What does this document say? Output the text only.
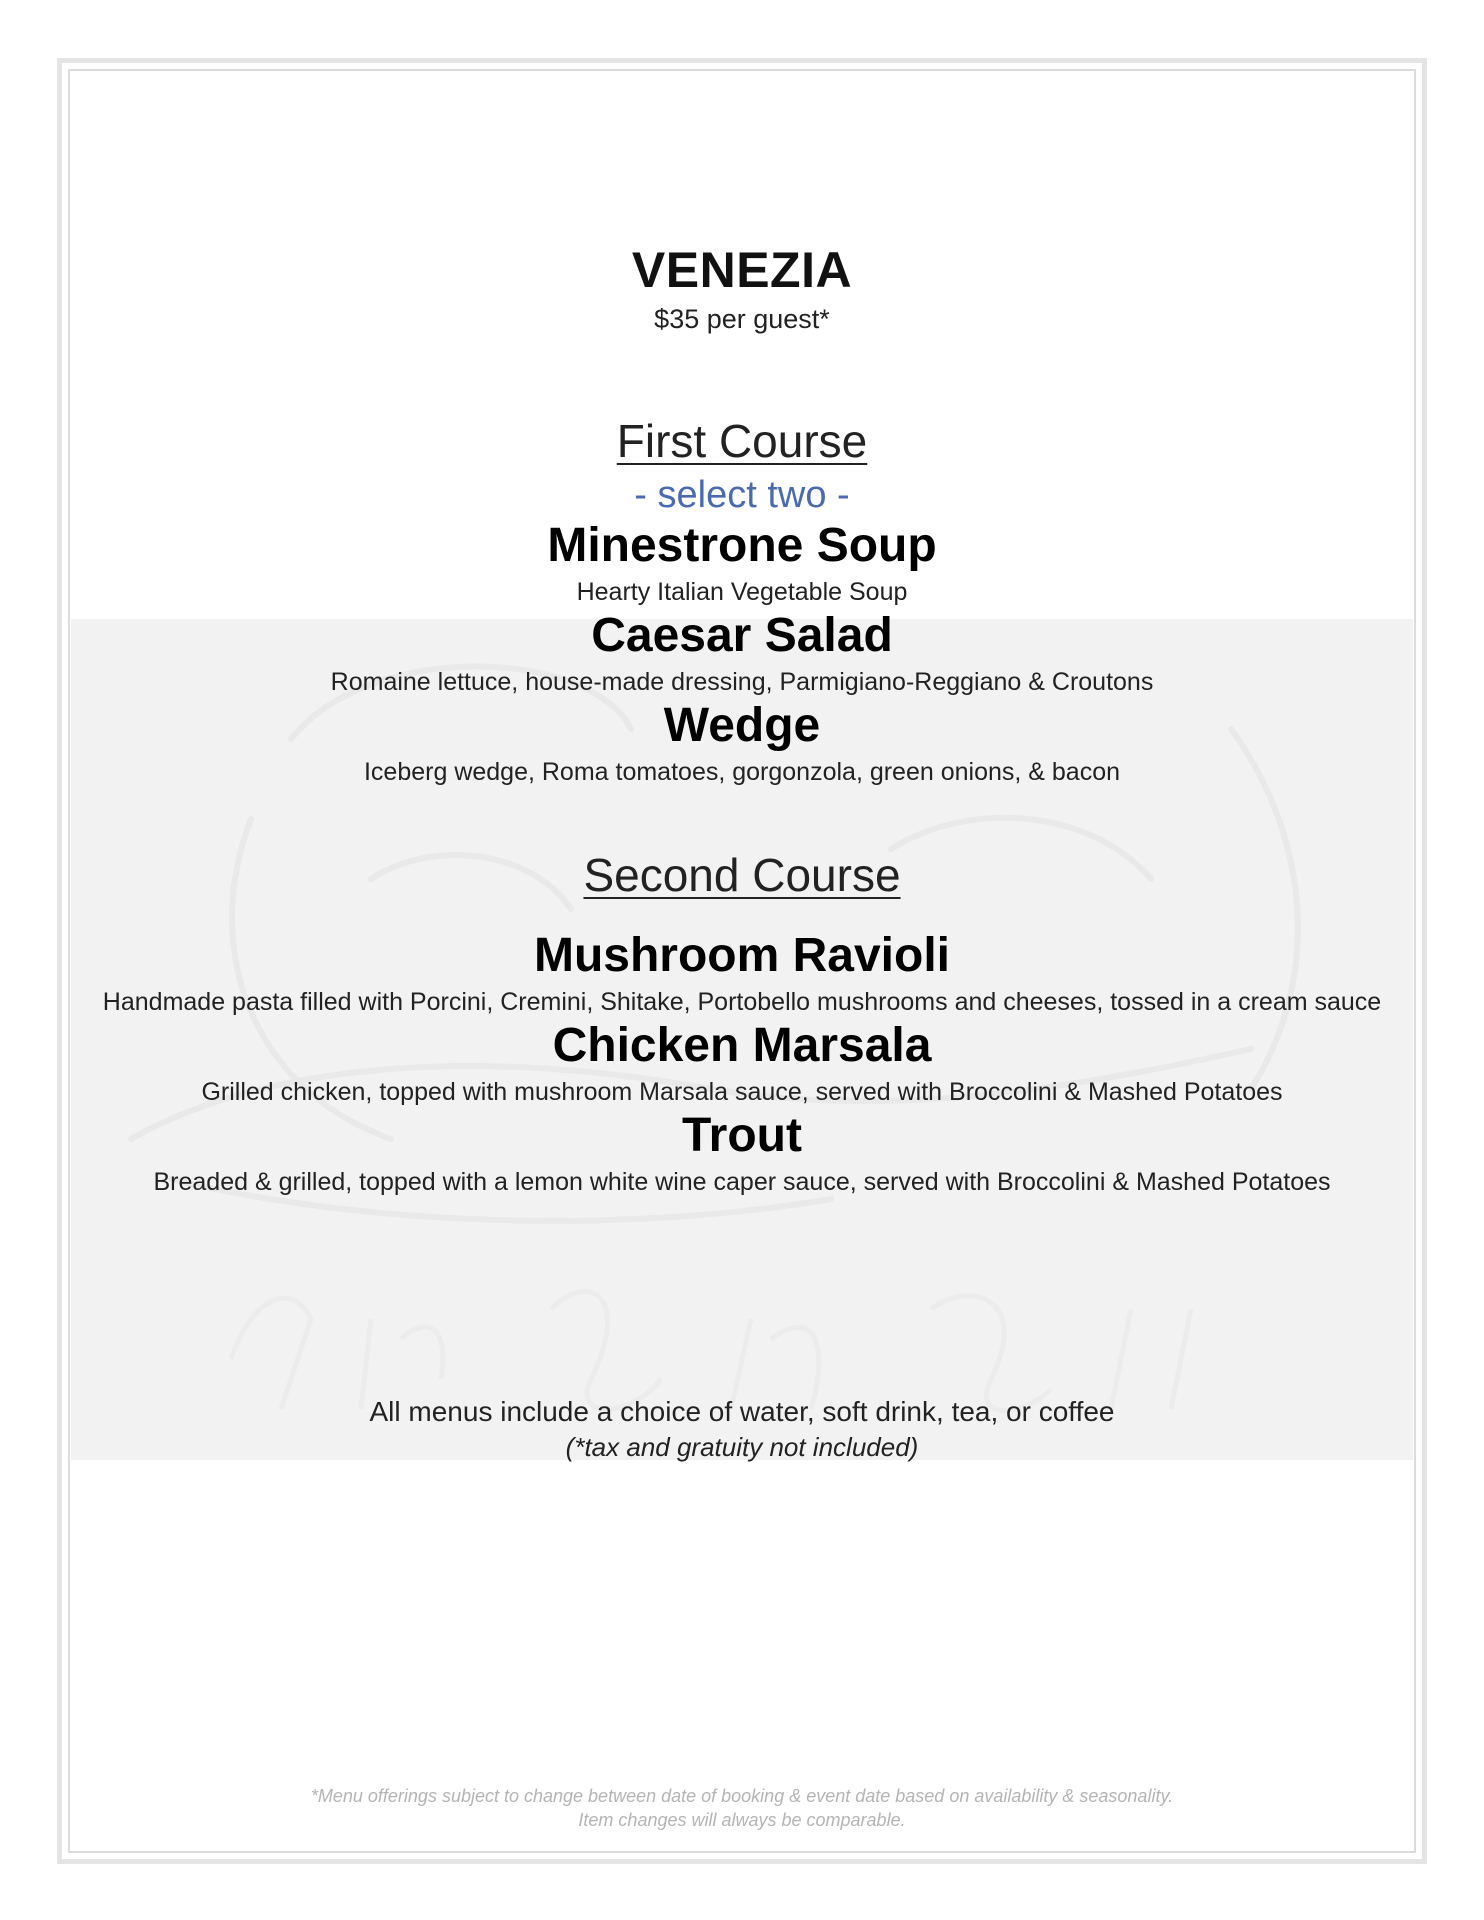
VENEZIA
$35 per guest*
First Course
- select two -
Minestrone Soup
Hearty Italian Vegetable Soup
Caesar Salad
Romaine lettuce, house-made dressing, Parmigiano-Reggiano & Croutons
Wedge
Iceberg wedge, Roma tomatoes, gorgonzola, green onions, & bacon
Second Course
Mushroom Ravioli
Handmade pasta filled with Porcini, Cremini, Shitake, Portobello mushrooms and cheeses, tossed in a cream sauce
Chicken Marsala
Grilled chicken, topped with mushroom Marsala sauce, served with Broccolini & Mashed Potatoes
Trout
Breaded & grilled, topped with a lemon white wine caper sauce, served with Broccolini & Mashed Potatoes
All menus include a choice of water, soft drink, tea, or coffee
(*tax and gratuity not included)
*Menu offerings subject to change between date of booking & event date based on availability & seasonality.
Item changes will always be comparable.
